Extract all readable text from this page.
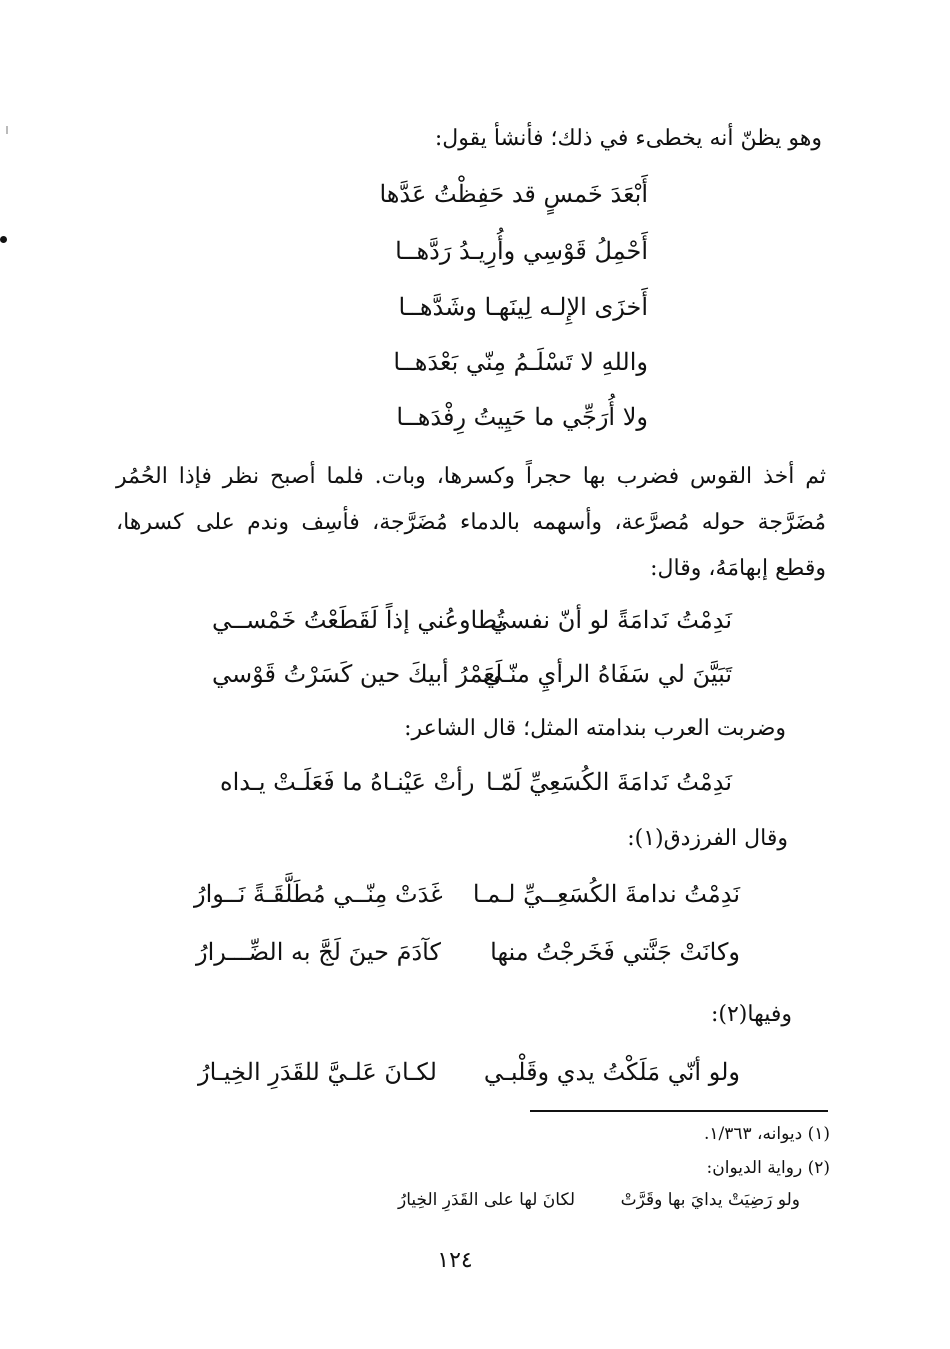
وهو يظنّ أنه يخطىء في ذلك؛ فأنشأ يقول:
أَبْعَدَ خَمسٍ قد حَفِظْتُ عَدَّها
أَحْمِلُ قَوْسِي وأُرِيـدُ رَدَّهــا
أَخزَى الإِلـه لِينَهـا وشَدَّهــا
واللهِ لا تَسْلَـمُ مِنّي بَعْدَهــا
ولا أُرَجِّي ما حَيِيتُ رِفْدَهــا
ثم أخذ القوس فضرب بها حجراً وكسرها، وبات. فلما أصبح نظر فإذا الحُمُر مُضَرَّجة حوله مُصرَّعة، وأسهمه بالدماء مُضَرَّجة، فأسِف وندم على كسرها، وقطع إبهامَهُ، وقال:
نَدِمْتُ نَدامَةً لو أنّ نفسي
تُطاوعُني إذاً لَقَطَعْتُ خَمْســي
تَبَيَّنَ لي سَفَاهُ الرأيِ منّـي
لَعَمْرُ أبيكَ حين كَسَرْتُ قَوْسي
وضربت العرب بندامته المثل؛ قال الشاعر:
نَدِمْتُ نَدامَةَ الكُسَعِيِّ لَمّـا
رأتْ عَيْنـاهُ ما فَعَلَـتْ يـداه
وقال الفرزدق(١):
نَدِمْتُ ندامةَ الكُسَعِــيِّ لـمـا
غَدَتْ مِنّــي مُطَلَّقَـةً نَــوارُ
وكانَتْ جَنَّتي فَخَرجْتُ منها
كآدَمَ حينَ لَجَّ به الضِّـــرارُ
وفيها(٢):
ولو أنّي مَلَكْتُ يدي وقَلْبـي
لكـانَ عَلـيَّ للقَدَرِ الخِيـارُ
(١) ديوانه، ١/٣٦٣.
(٢) رواية الديوان:
ولو رَضِيَتْ يدايَ بها وقَرَّتْ
لكانَ لها على القَدَرِ الخِيارُ
١٢٤
